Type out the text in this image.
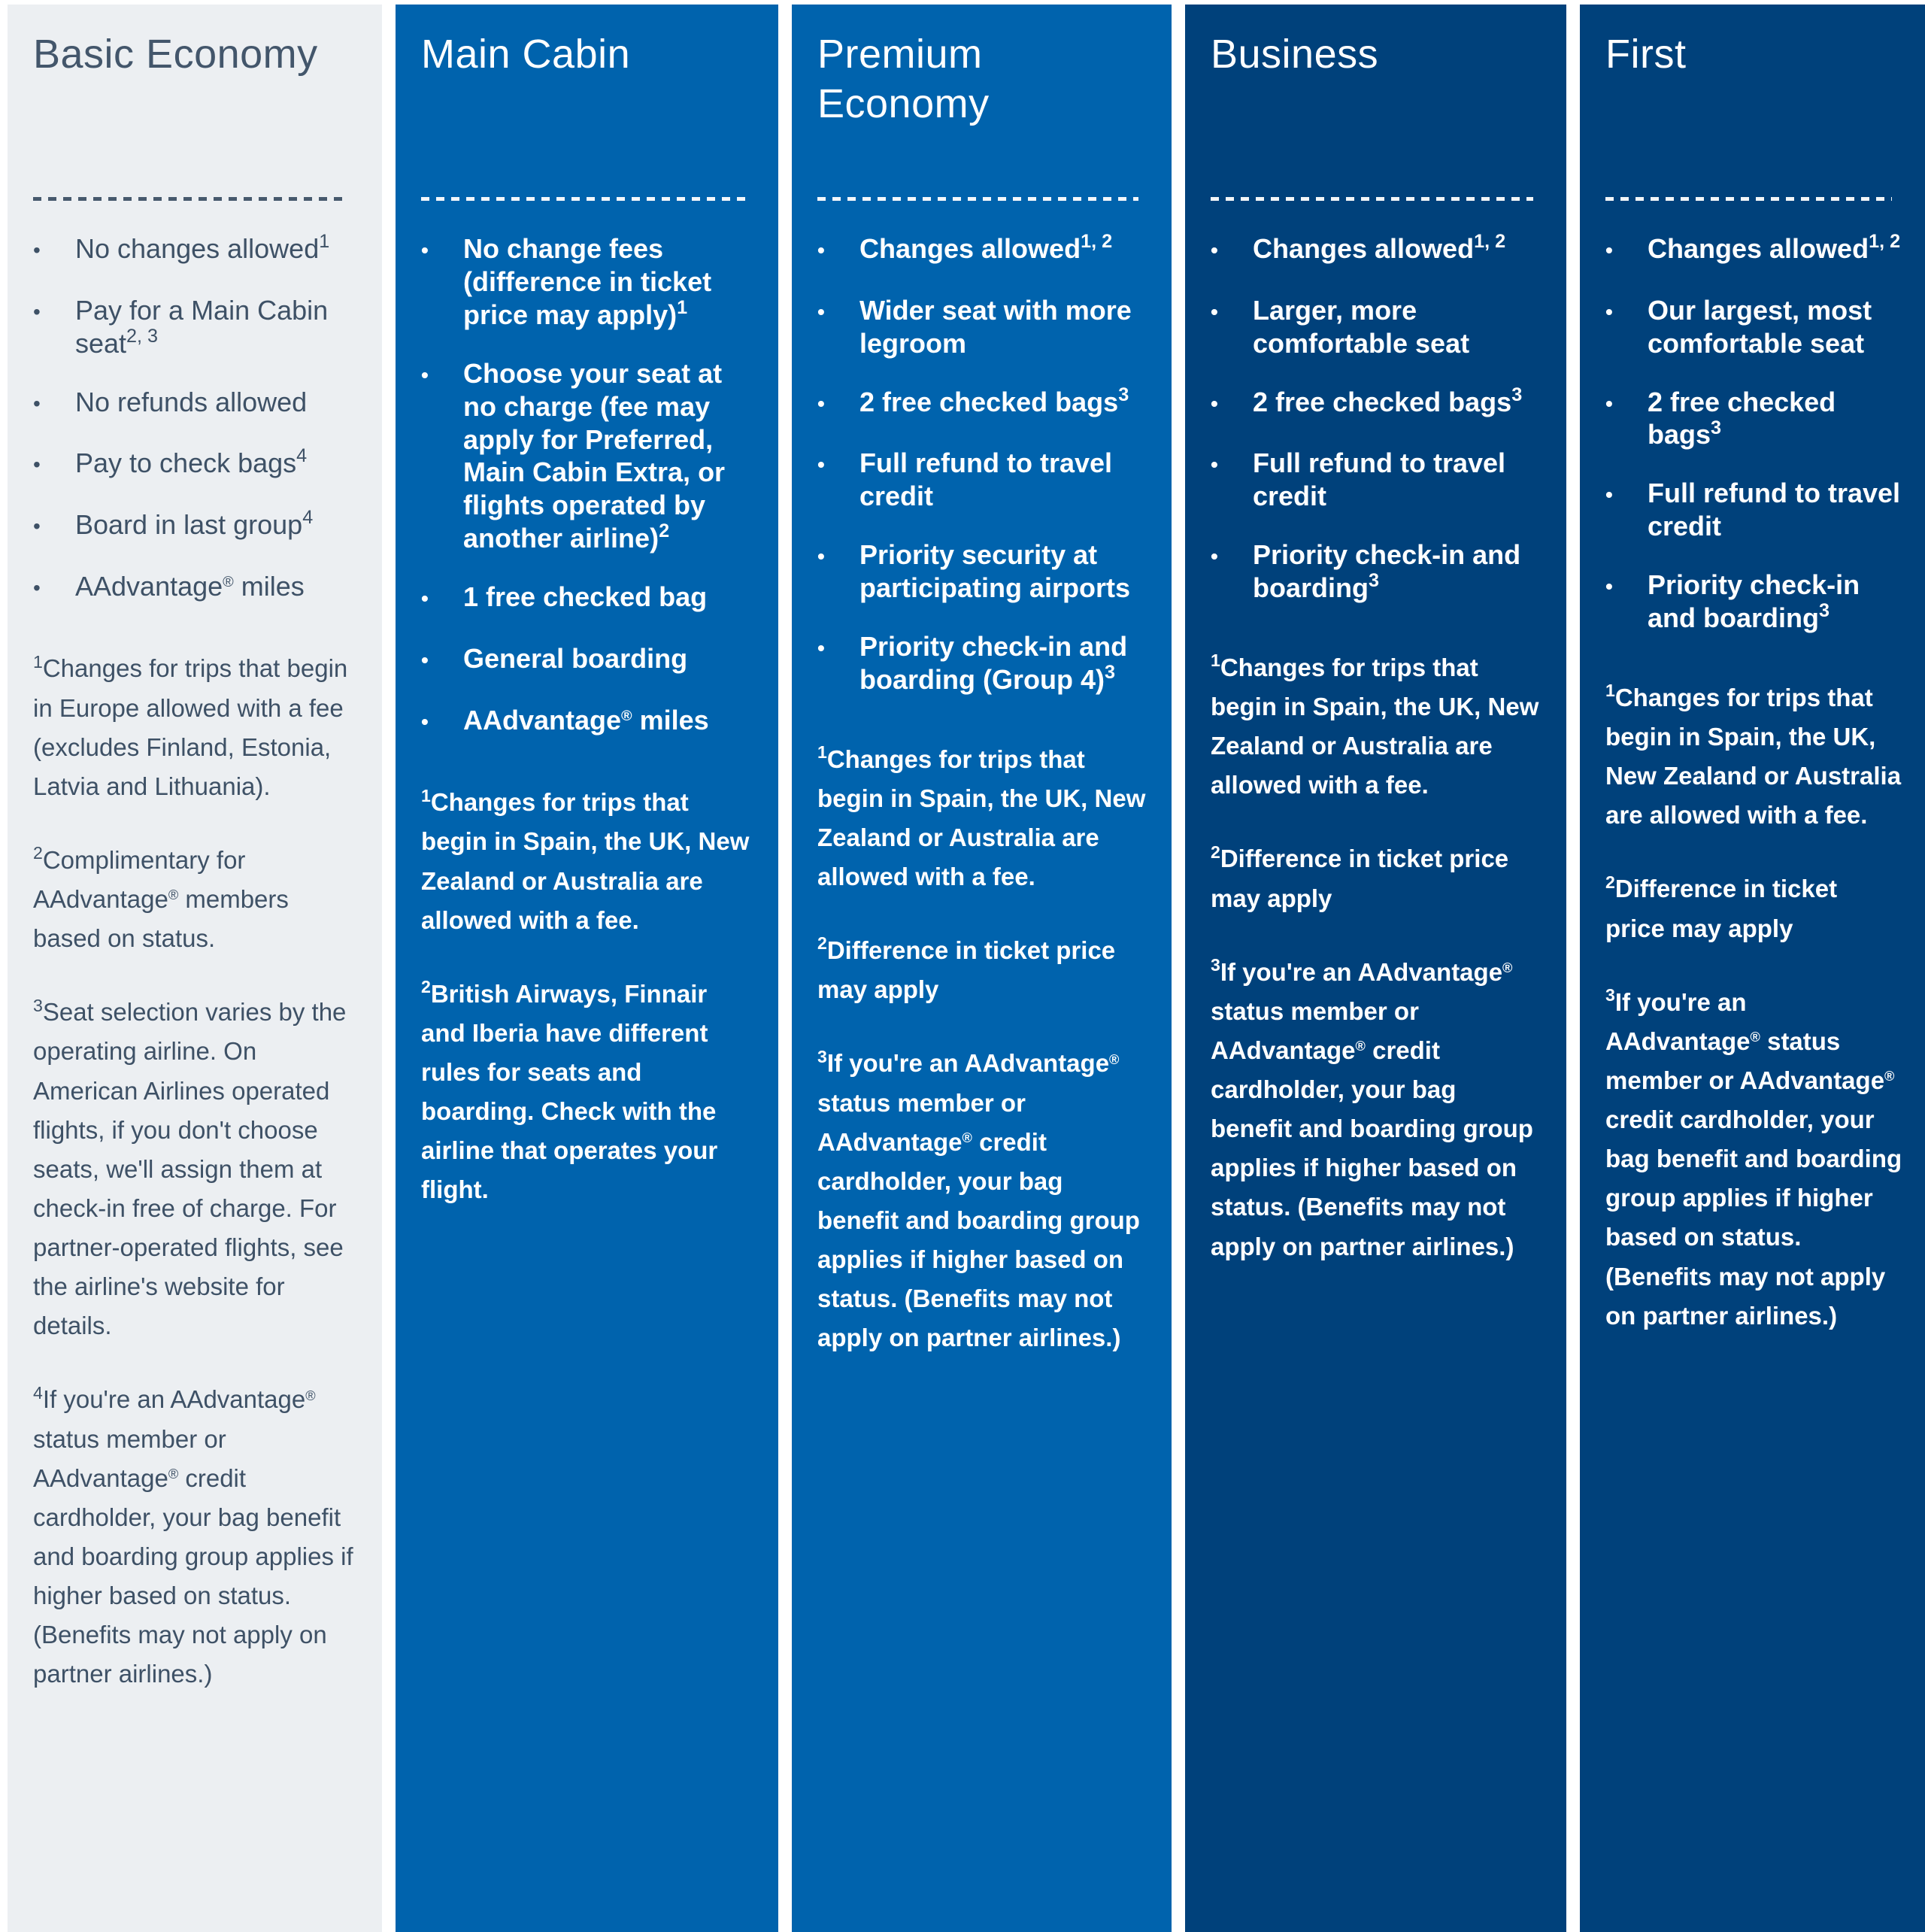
Basic Economy
•	No changes allowed$^1$
•	Pay for a Main Cabin seat$^{2, 3}$
•	No refunds allowed
•	Pay to check bags$^4$
•	Board in last group$^4$
•	AAdvantage® miles

$^1$Changes for trips that begin in Europe allowed with a fee (excludes Finland, Estonia, Latvia and Lithuania).

$^2$Complimentary for AAdvantage® members based on status.

$^3$Seat selection varies by the operating airline. On American Airlines operated flights, if you don't choose seats, we'll assign them at check-in free of charge. For partner-operated flights, see the airline's website for details.

$^4$If you're an AAdvantage® status member or AAdvantage® credit cardholder, your bag benefit and boarding group applies if higher based on status. (Benefits may not apply on partner airlines.)

Main Cabin
•	No change fees (difference in ticket price may apply)$^1$
•	Choose your seat at no charge (fee may apply for Preferred, Main Cabin Extra, or flights operated by another airline)$^2$
•	1 free checked bag
•	General boarding
•	AAdvantage® miles

$^1$Changes for trips that begin in Spain, the UK, New Zealand or Australia are allowed with a fee.

$^2$British Airways, Finnair and Iberia have different rules for seats and boarding. Check with the airline that operates your flight.

Premium
Economy
•	Changes allowed$^{1, 2}$
•	Wider seat with more legroom
•	2 free checked bags$^3$
•	Full refund to travel credit
•	Priority security at participating airports
•	Priority check-in and boarding (Group 4)$^3$

$^1$Changes for trips that begin in Spain, the UK, New Zealand or Australia are allowed with a fee.

$^2$Difference in ticket price may apply

$^3$If you're an AAdvantage® status member or AAdvantage® credit cardholder, your bag benefit and boarding group applies if higher based on status. (Benefits may not apply on partner airlines.)

Business
•	Changes allowed$^{1, 2}$
•	Larger, more comfortable seat
•	2 free checked bags$^3$
•	Full refund to travel credit
•	Priority check-in and boarding$^3$

$^1$Changes for trips that begin in Spain, the UK, New Zealand or Australia are allowed with a fee.

$^2$Difference in ticket price may apply

$^3$If you're an AAdvantage® status member or AAdvantage® credit cardholder, your bag benefit and boarding group applies if higher based on status. (Benefits may not apply on partner airlines.)

First
•	Changes allowed$^{1, 2}$
•	Our largest, most comfortable seat
•	2 free checked bags$^3$
•	Full refund to travel credit
•	Priority check-in and boarding$^3$

$^1$Changes for trips that begin in Spain, the UK, New Zealand or Australia are allowed with a fee.

$^2$Difference in ticket price may apply

$^3$If you're an AAdvantage® status member or AAdvantage® credit cardholder, your bag benefit and boarding group applies if higher based on status. (Benefits may not apply on partner airlines.)
